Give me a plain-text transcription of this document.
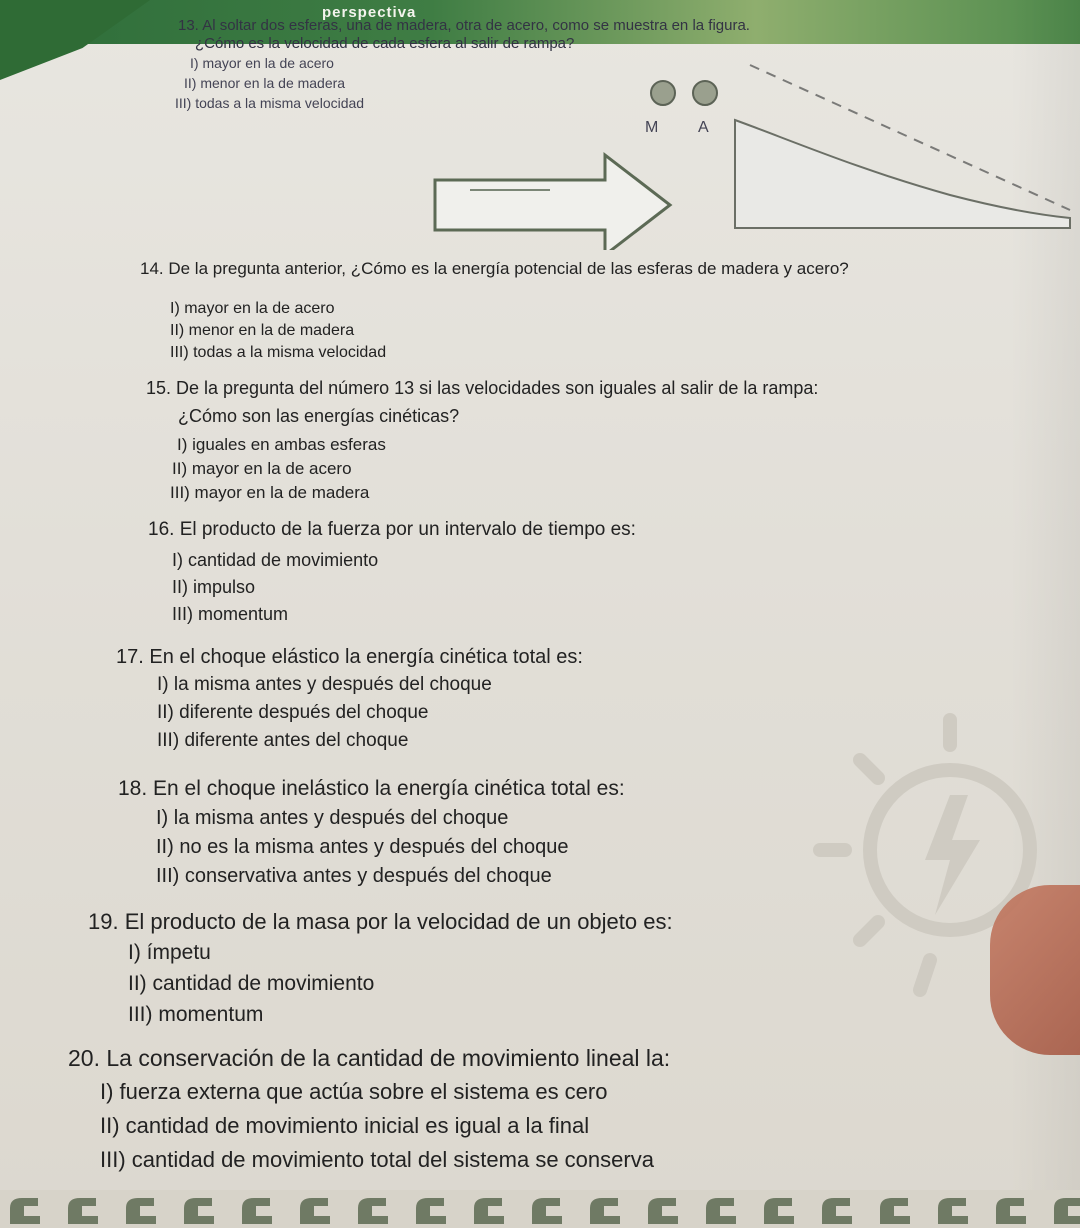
perspectiva
13. Al soltar dos esferas, una de madera, otra de acero, como se muestra en la figura.
¿Cómo es la velocidad de cada esfera al salir de rampa?
I) mayor en la de acero
II) menor en la de madera
III) todas a la misma velocidad
M A
14. De la pregunta anterior, ¿Cómo es la energía potencial de las esferas de madera y acero?
I) mayor en la de acero
II) menor en la de madera
III) todas a la misma velocidad
15. De la pregunta del número 13 si las velocidades son iguales al salir de la rampa:
¿Cómo son las energías cinéticas?
I) iguales en ambas esferas
II) mayor en la de acero
III) mayor en la de madera
16. El producto de la fuerza por un intervalo de tiempo es:
I) cantidad de movimiento
II) impulso
III) momentum
17. En el choque elástico la energía cinética total es:
I) la misma antes y después del choque
II) diferente después del choque
III) diferente antes del choque
18. En el choque inelástico la energía cinética total es:
I) la misma antes y después del choque
II) no es la misma antes y después del choque
III) conservativa antes y después del choque
19. El producto de la masa por la velocidad de un objeto es:
I) ímpetu
II) cantidad de movimiento
III) momentum
20. La conservación de la cantidad de movimiento lineal la:
I) fuerza externa que actúa sobre el sistema es cero
II) cantidad de movimiento inicial es igual a la final
III) cantidad de movimiento total del sistema se conserva
